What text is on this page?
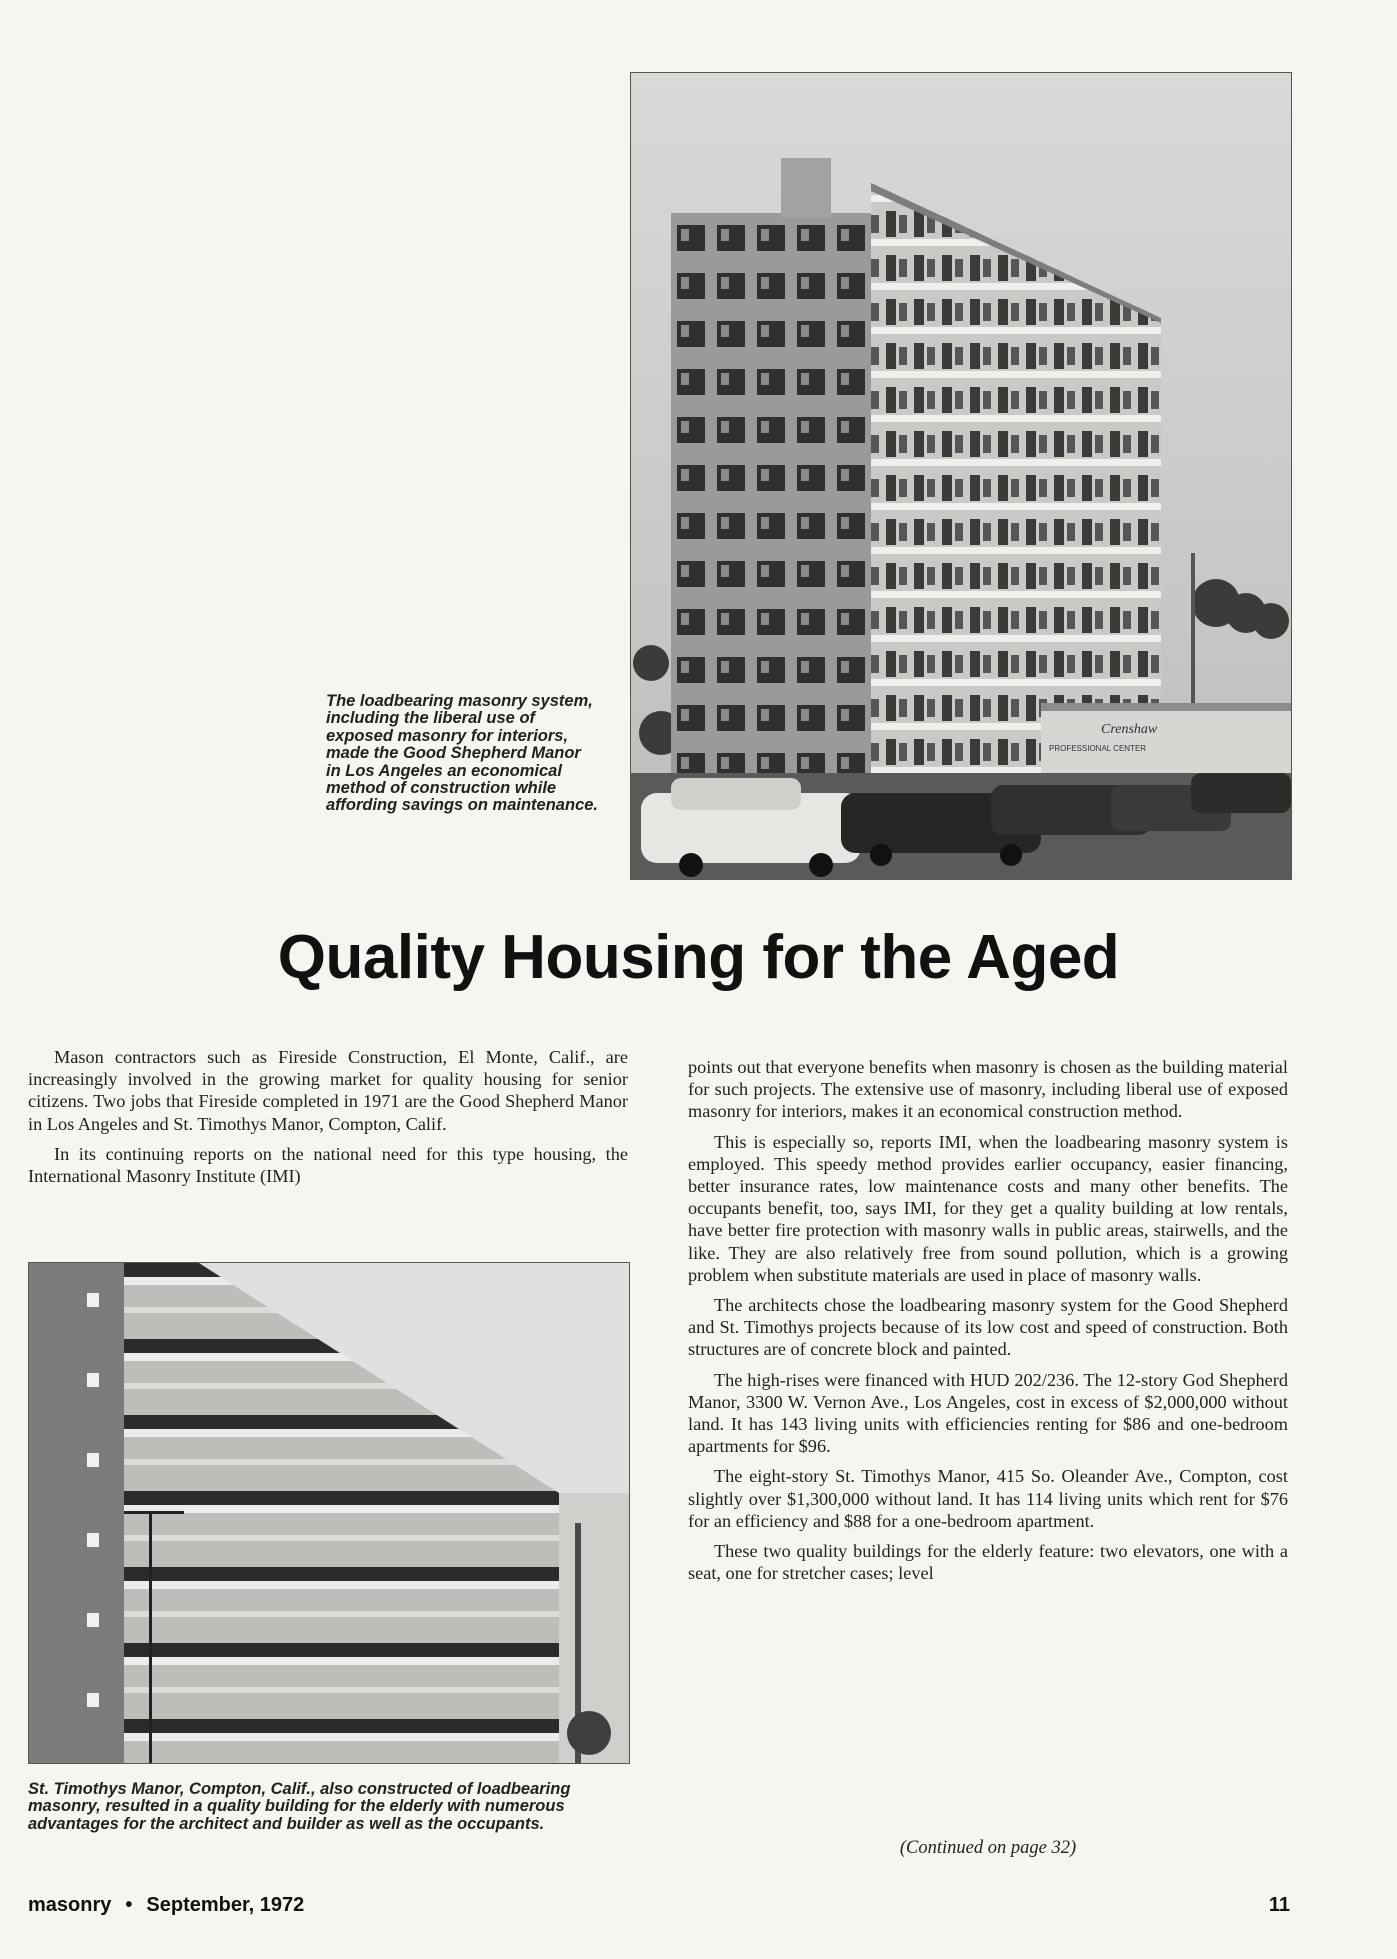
Crenshaw
PROFESSIONAL CENTER
The loadbearing masonry system, including the liberal use of exposed masonry for interiors, made the Good Shepherd Manor in Los Angeles an economical method of construction while affording savings on maintenance.
Quality Housing for the Aged

Mason contractors such as Fireside Construction, El Monte, Calif., are increasingly involved in the growing market for quality housing for senior citizens. Two jobs that Fireside completed in 1971 are the Good Shepherd Manor in Los Angeles and St. Timothys Manor, Compton, Calif.

In its continuing reports on the national need for this type housing, the International Masonry Institute (IMI)

St. Timothys Manor, Compton, Calif., also constructed of loadbearing masonry, resulted in a quality building for the elderly with numerous advantages for the architect and builder as well as the occupants.

points out that everyone benefits when masonry is chosen as the building material for such projects. The extensive use of masonry, including liberal use of exposed masonry for interiors, makes it an economical construction method.

This is especially so, reports IMI, when the loadbearing masonry system is employed. This speedy method provides earlier occupancy, easier financing, better insurance rates, low maintenance costs and many other benefits. The occupants benefit, too, says IMI, for they get a quality building at low rentals, have better fire protection with masonry walls in public areas, stairwells, and the like. They are also relatively free from sound pollution, which is a growing problem when substitute materials are used in place of masonry walls.

The architects chose the loadbearing masonry system for the Good Shepherd and St. Timothys projects because of its low cost and speed of construction. Both structures are of concrete block and painted.

The high-rises were financed with HUD 202/236. The 12-story God Shepherd Manor, 3300 W. Vernon Ave., Los Angeles, cost in excess of $2,000,000 without land. It has 143 living units with efficiencies renting for $86 and one-bedroom apartments for $96.

The eight-story St. Timothys Manor, 415 So. Oleander Ave., Compton, cost slightly over $1,300,000 without land. It has 114 living units which rent for $76 for an efficiency and $88 for a one-bedroom apartment.

These two quality buildings for the elderly feature: two elevators, one with a seat, one for stretcher cases; level

(Continued on page 32)
masonry • September, 1972	11
